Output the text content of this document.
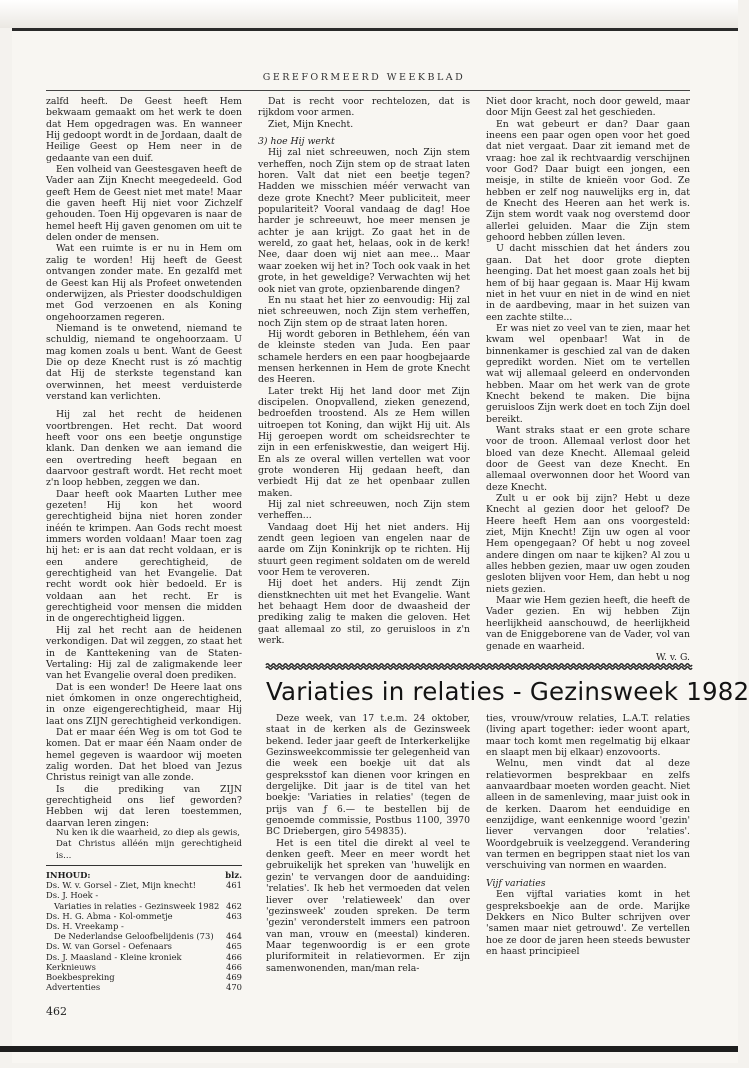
GEREFORMEERD WEEKBLAD

zalfd heeft. De Geest heeft Hem bekwaam gemaakt om het werk te doen dat Hem opgedragen was. En wanneer Hij gedoopt wordt in de Jordaan, daalt de Heilige Geest op Hem neer in de gedaante van een duif.

Een volheid van Geestesgaven heeft de Vader aan Zijn Knecht meegedeeld. God geeft Hem de Geest niet met mate! Maar die gaven heeft Hij niet voor Zichzelf gehouden. Toen Hij opgevaren is naar de hemel heeft Hij gaven genomen om uit te delen onder de mensen.

Wat een ruimte is er nu in Hem om zalig te worden! Hij heeft de Geest ontvangen zonder mate. En gezalfd met de Geest kan Hij als Profeet onwetenden onderwijzen, als Priester doodschuldigen met God verzoenen en als Koning ongehoorzamen regeren.

Niemand is te onwetend, niemand te schuldig, niemand te ongehoorzaam. U mag komen zoals u bent. Want de Geest Die op deze Knecht rust is zó machtig dat Hij de sterkste tegenstand kan overwinnen, het meest verduisterde verstand kan verlichten.

Hij zal het recht de heidenen voortbrengen. Het recht. Dat woord heeft voor ons een beetje ongunstige klank. Dan denken we aan iemand die een overtreding heeft begaan en daarvoor gestraft wordt. Het recht moet z'n loop hebben, zeggen we dan.

Daar heeft ook Maarten Luther mee gezeten! Hij kon het woord gerechtigheid bijna niet horen zonder inéén te krimpen. Aan Gods recht moest immers worden voldaan! Maar toen zag hij het: er is aan dat recht voldaan, er is een andere gerechtigheid, de gerechtigheid van het Evangelie. Dat recht wordt ook hièr bedoeld. Er is voldaan aan het recht. Er is gerechtigheid voor mensen die midden in de ongerechtigheid liggen.

Hij zal het recht aan de heidenen verkondigen. Dat wil zeggen, zo staat het in de Kanttekening van de Staten-Vertaling: Hij zal de zaligmakende leer van het Evangelie overal doen prediken.

Dat is een wonder! De Heere laat ons niet ómkomen in onze ongerechtigheid, in onze eigengerechtigheid, maar Hij laat ons ZIJN gerechtigheid verkondigen.

Dat er maar één Weg is om tot God te komen. Dat er maar één Naam onder de hemel gegeven is waardoor wij moeten zalig worden. Dat het bloed van Jezus Christus reinigt van alle zonde.

Is die prediking van ZIJN gerechtigheid ons lief geworden? Hebben wij dat leren toestemmen, daarvan leren zingen:

Nu ken ik die waarheid, zo diep als gewis,

Dat Christus alléén mijn gerechtigheid is...

INHOUD:	blz.
Ds. W. v. Gorsel - Ziet, Mijn knecht!	461
Ds. J. Hoek -
Variaties in relaties - Gezinsweek 1982 462
Ds. H. G. Abma - Kol-ommetje	463
Ds. H. Vreekamp -
De Nederlandse Geloofbelijdenis (73)	464
Ds. W. van Gorsel - Oefenaars	465
Ds. J. Maasland - Kleine kroniek	466
Kerknieuws	466
Boekbespreking	469
Advertenties	470

Dat is recht voor rechtelozen, dat is rijkdom voor armen.

Ziet, Mijn Knecht.

3) hoe Hij werkt

Hij zal niet schreeuwen, noch Zijn stem verheffen, noch Zijn stem op de straat laten horen. Valt dat niet een beetje tegen? Hadden we misschien méér verwacht van deze grote Knecht? Meer publiciteit, meer populariteit? Vooral vandaag de dag! Hoe harder je schreeuwt, hoe meer mensen je achter je aan krijgt. Zo gaat het in de wereld, zo gaat het, helaas, ook in de kerk! Nee, daar doen wij niet aan mee... Maar waar zoeken wij het in? Toch ook vaak in het grote, in het geweldige? Verwachten wij het ook niet van grote, opzienbarende dingen?

En nu staat het hier zo eenvoudig: Hij zal niet schreeuwen, noch Zijn stem verheffen, noch Zijn stem op de straat laten horen.

Hij wordt geboren in Bethlehem, één van de kleinste steden van Juda. Een paar schamele herders en een paar hoogbejaarde mensen herkennen in Hem de grote Knecht des Heeren.

Later trekt Hij het land door met Zijn discipelen. Onopvallend, zieken genezend, bedroefden troostend. Als ze Hem willen uitroepen tot Koning, dan wijkt Hij uit. Als Hij geroepen wordt om scheidsrechter te zijn in een erfeniskwestie, dan weigert Hij. En als ze overal willen vertellen wat voor grote wonderen Hij gedaan heeft, dan verbiedt Hij dat ze het openbaar zullen maken.

Hij zal niet schreeuwen, noch Zijn stem verheffen...

Vandaag doet Hij het niet anders. Hij zendt geen legioen van engelen naar de aarde om Zijn Koninkrijk op te richten. Hij stuurt geen regiment soldaten om de wereld voor Hem te veroveren.

Hij doet het anders. Hij zendt Zijn dienstknechten uit met het Evangelie. Want het behaagt Hem door de dwaasheid der prediking zalig te maken die geloven. Het gaat allemaal zo stil, zo geruisloos in z'n werk.

Niet door kracht, noch door geweld, maar door Mijn Geest zal het geschieden.

En wat gebeurt er dan? Daar gaan ineens een paar ogen open voor het goed dat niet vergaat. Daar zit iemand met de vraag: hoe zal ik rechtvaardig verschijnen voor God? Daar buigt een jongen, een meisje, in stilte de knieën voor God. Ze hebben er zelf nog nauwelijks erg in, dat de Knecht des Heeren aan het werk is. Zijn stem wordt vaak nog overstemd door allerlei geluiden. Maar die Zijn stem gehoord hebben zúllen leven.

U dacht misschien dat het ánders zou gaan. Dat het door grote diepten heenging. Dat het moest gaan zoals het bij hem of bij haar gegaan is. Maar Hij kwam niet in het vuur en niet in de wind en niet in de aardbeving, maar in het suizen van een zachte stilte...

Er was niet zo veel van te zien, maar het kwam wel openbaar! Wat in de binnenkamer is geschied zal van de daken gepredikt worden. Niet om te vertellen wat wij allemaal geleerd en ondervonden hebben. Maar om het werk van de grote Knecht bekend te maken. Die bijna geruisloos Zijn werk doet en toch Zijn doel bereikt.

Want straks staat er een grote schare voor de troon. Allemaal verlost door het bloed van deze Knecht. Allemaal geleid door de Geest van deze Knecht. En allemaal overwonnen door het Woord van deze Knecht.

Zult u er ook bij zijn? Hebt u deze Knecht al gezien door het geloof? De Heere heeft Hem aan ons voorgesteld: ziet, Mijn Knecht! Zijn uw ogen al voor Hem opengegaan? Of hebt u nog zoveel andere dingen om naar te kijken? Al zou u alles hebben gezien, maar uw ogen zouden gesloten blijven voor Hem, dan hebt u nog niets gezien.

Maar wie Hem gezien heeft, die heeft de Vader gezien. En wij hebben Zijn heerlijkheid aanschouwd, de heerlijkheid van de Eniggeborene van de Vader, vol van genade en waarheid.

W. v. G.

Variaties in relaties - Gezinsweek 1982

Deze week, van 17 t.e.m. 24 oktober, staat in de kerken als de Gezinsweek bekend. Ieder jaar geeft de Interkerkelijke Gezinsweekcommissie ter gelegenheid van die week een boekje uit dat als gespreksstof kan dienen voor kringen en dergelijke. Dit jaar is de titel van het boekje: 'Variaties in relaties' (tegen de prijs van ƒ 6.— te bestellen bij de genoemde commissie, Postbus 1100, 3970 BC Driebergen, giro 549835).

Het is een titel die direkt al veel te denken geeft. Meer en meer wordt het gebruikelijk het spreken van 'huwelijk en gezin' te vervangen door de aanduiding: 'relaties'. Ik heb het vermoeden dat velen liever over 'relatieweek' dan over 'gezinsweek' zouden spreken. De term 'gezin' veronderstelt immers een patroon van man, vrouw en (meestal) kinderen. Maar tegenwoordig is er een grote pluriformiteit in relatievormen. Er zijn samenwonenden, man/man rela-

ties, vrouw/vrouw relaties, L.A.T. relaties (living apart together: ieder woont apart, maar toch komt men regelmatig bij elkaar en slaapt men bij elkaar) enzovoorts.

Welnu, men vindt dat al deze relatievormen besprekbaar en zelfs aanvaardbaar moeten worden geacht. Niet alleen in de samenleving, maar juist ook in de kerken. Daarom het eenduidige en eenzijdige, want eenkennige woord 'gezin' liever vervangen door 'relaties'. Woordgebruik is veelzeggend. Verandering van termen en begrippen staat niet los van verschuiving van normen en waarden.

Vijf variaties

Een vijftal variaties komt in het gespreksboekje aan de orde. Marijke Dekkers en Nico Bulter schrijven over 'samen maar niet getrouwd'. Ze vertellen hoe ze door de jaren heen steeds bewuster en haast principieel

462
